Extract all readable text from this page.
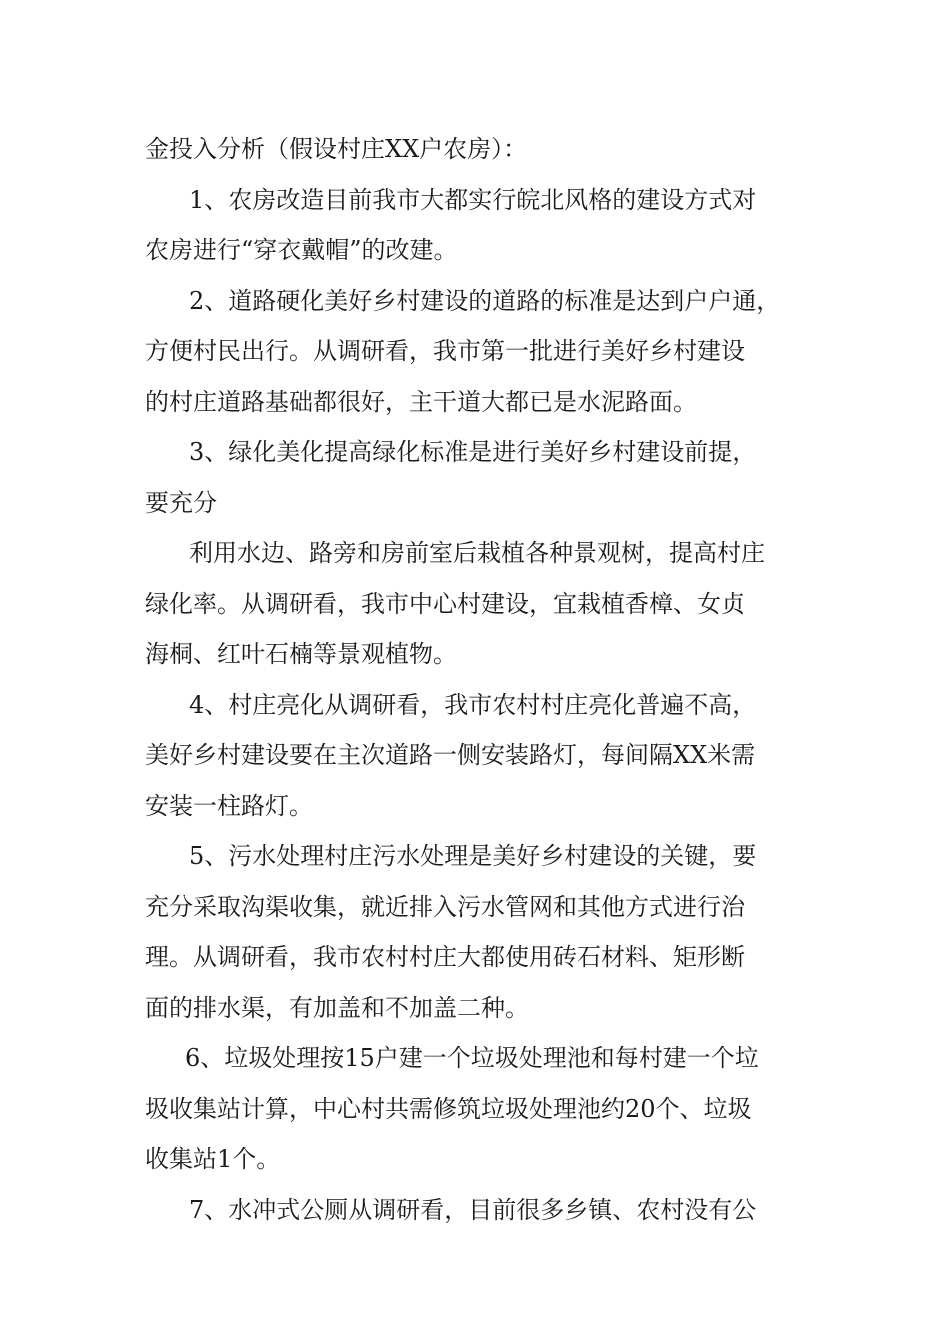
金投入分析（假设村庄XX户农房）：
1、农房改造目前我市大都实行皖北风格的建设方式对
农房进行“穿衣戴帽”的改建。
2、道路硬化美好乡村建设的道路的标准是达到户户通，
方便村民出行。从调研看，我市第一批进行美好乡村建设
的村庄道路基础都很好，主干道大都已是水泥路面。
3、绿化美化提高绿化标准是进行美好乡村建设前提，
要充分
利用水边、路旁和房前室后栽植各种景观树，提高村庄
绿化率。从调研看，我市中心村建设，宜栽植香樟、女贞
海桐、红叶石楠等景观植物。
4、村庄亮化从调研看，我市农村村庄亮化普遍不高，
美好乡村建设要在主次道路一侧安装路灯，每间隔XX米需
安装一柱路灯。
5、污水处理村庄污水处理是美好乡村建设的关键，要
充分采取沟渠收集，就近排入污水管网和其他方式进行治
理。从调研看，我市农村村庄大都使用砖石材料、矩形断
面的排水渠，有加盖和不加盖二种。
6、垃圾处理按15户建一个垃圾处理池和每村建一个垃
圾收集站计算，中心村共需修筑垃圾处理池约20个、垃圾
收集站1个。
7、水冲式公厕从调研看，目前很多乡镇、农村没有公
